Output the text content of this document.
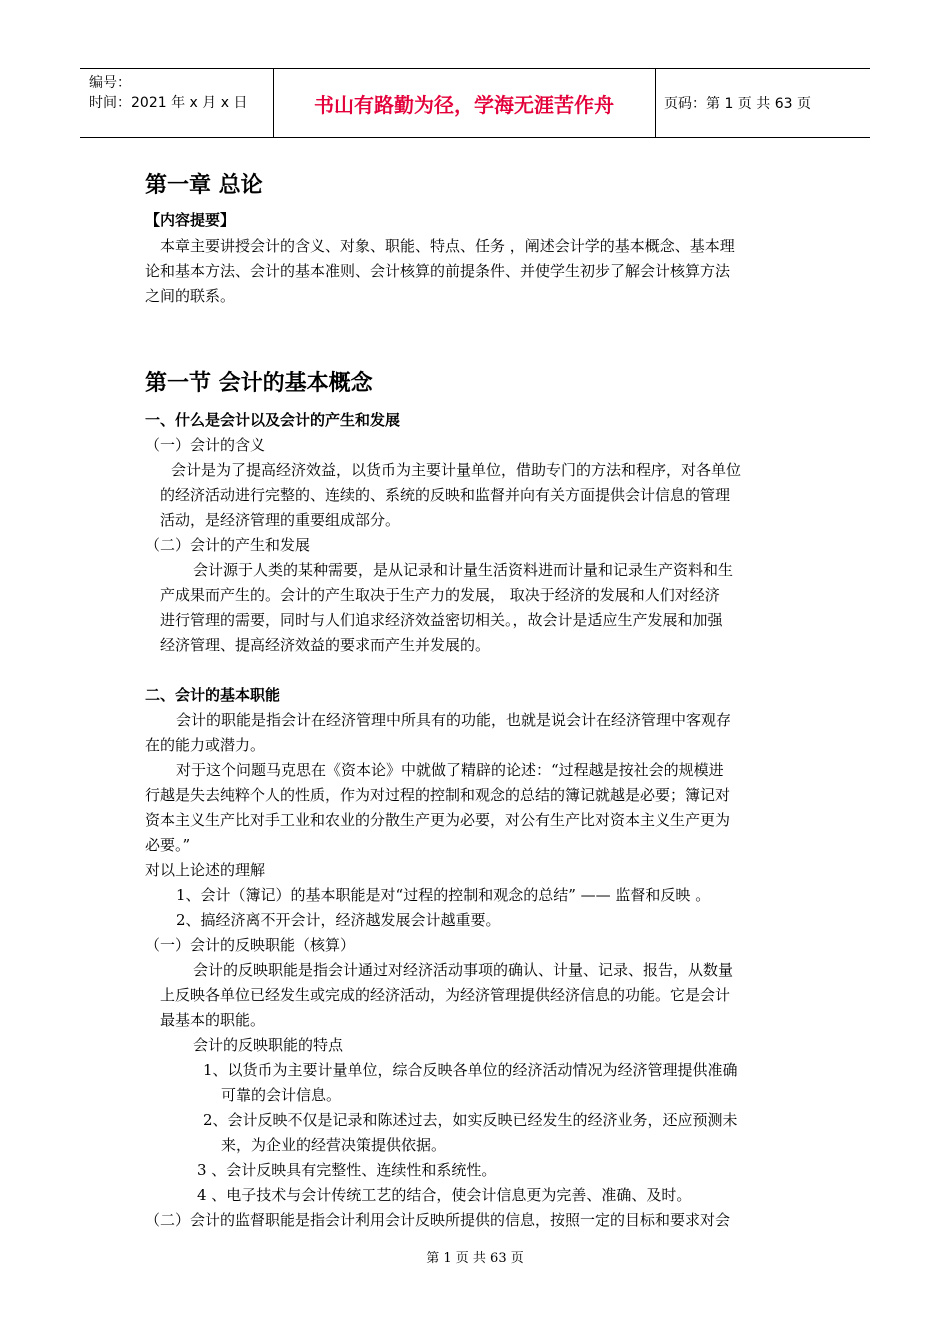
编号：
时间：2021 年 x 月 x 日	书山有路勤为径，学海无涯苦作舟	页码：第 1 页 共 63 页
第一章 总论
【内容提要】
本章主要讲授会计的含义、对象、职能、特点、任务 ，阐述会计学的基本概念、基本理
论和基本方法、会计的基本准则、会计核算的前提条件、并使学生初步了解会计核算方法
之间的联系。
第一节 会计的基本概念
一、什么是会计以及会计的产生和发展
（一）会计的含义
会计是为了提高经济效益，以货币为主要计量单位，借助专门的方法和程序，对各单位
的经济活动进行完整的、连续的、系统的反映和监督并向有关方面提供会计信息的管理
活动，是经济管理的重要组成部分。
（二）会计的产生和发展
会计源于人类的某种需要，是从记录和计量生活资料进而计量和记录生产资料和生
产成果而产生的。会计的产生取决于生产力的发展， 取决于经济的发展和人们对经济
进行管理的需要，同时与人们追求经济效益密切相关。，故会计是适应生产发展和加强
经济管理、提高经济效益的要求而产生并发展的。
二、会计的基本职能
会计的职能是指会计在经济管理中所具有的功能，也就是说会计在经济管理中客观存
在的能力或潜力。
对于这个问题马克思在《资本论》中就做了精辟的论述：“过程越是按社会的规模进
行越是失去纯粹个人的性质，作为对过程的控制和观念的总结的簿记就越是必要；簿记对
资本主义生产比对手工业和农业的分散生产更为必要，对公有生产比对资本主义生产更为
必要。”
对以上论述的理解
1、会计（簿记）的基本职能是对“过程的控制和观念的总结” —— 监督和反映 。
2、搞经济离不开会计，经济越发展会计越重要。
（一）会计的反映职能（核算）
会计的反映职能是指会计通过对经济活动事项的确认、计量、记录、报告，从数量
上反映各单位已经发生或完成的经济活动，为经济管理提供经济信息的功能。它是会计
最基本的职能。
会计的反映职能的特点
1、以货币为主要计量单位，综合反映各单位的经济活动情况为经济管理提供准确
可靠的会计信息。
2、会计反映不仅是记录和陈述过去，如实反映已经发生的经济业务，还应预测未
来，为企业的经营决策提供依据。
3 、会计反映具有完整性、连续性和系统性。
4 、电子技术与会计传统工艺的结合，使会计信息更为完善、准确、及时。
（二）会计的监督职能是指会计利用会计反映所提供的信息，按照一定的目标和要求对会
第 1 页 共 63 页
